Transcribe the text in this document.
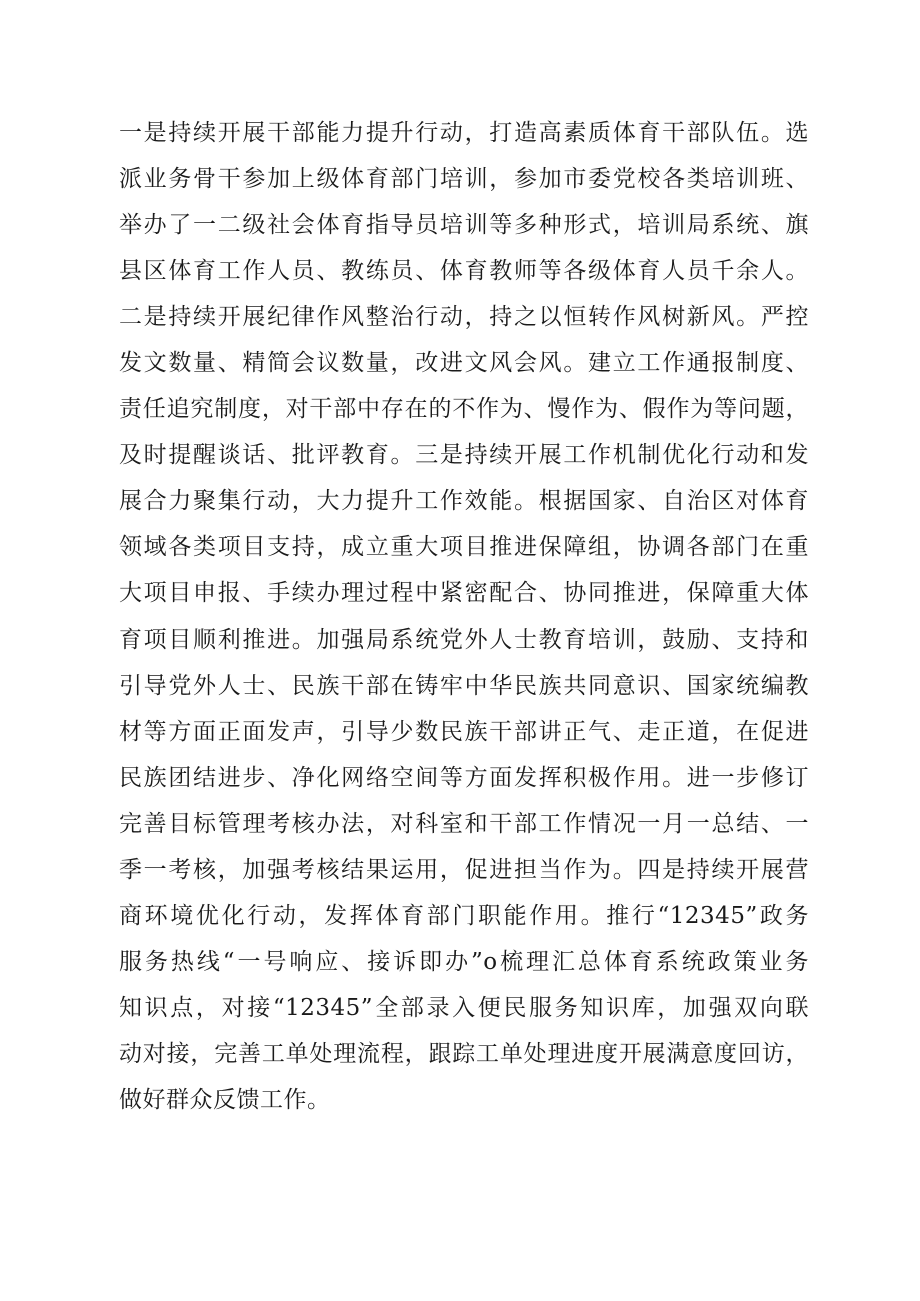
一是持续开展干部能力提升行动，打造高素质体育干部队伍。选
派业务骨干参加上级体育部门培训，参加市委党校各类培训班、
举办了一二级社会体育指导员培训等多种形式，培训局系统、旗
县区体育工作人员、教练员、体育教师等各级体育人员千余人。
二是持续开展纪律作风整治行动，持之以恒转作风树新风。严控
发文数量、精简会议数量，改进文风会风。建立工作通报制度、
责任追究制度，对干部中存在的不作为、慢作为、假作为等问题，
及时提醒谈话、批评教育。三是持续开展工作机制优化行动和发
展合力聚集行动，大力提升工作效能。根据国家、自治区对体育
领域各类项目支持，成立重大项目推进保障组，协调各部门在重
大项目申报、手续办理过程中紧密配合、协同推进，保障重大体
育项目顺利推进。加强局系统党外人士教育培训，鼓励、支持和
引导党外人士、民族干部在铸牢中华民族共同意识、国家统编教
材等方面正面发声，引导少数民族干部讲正气、走正道，在促进
民族团结进步、净化网络空间等方面发挥积极作用。进一步修订
完善目标管理考核办法，对科室和干部工作情况一月一总结、一
季一考核，加强考核结果运用，促进担当作为。四是持续开展营
商环境优化行动，发挥体育部门职能作用。推行“12345”政务
服务热线“一号响应、接诉即办”o梳理汇总体育系统政策业务
知识点，对接“12345”全部录入便民服务知识库，加强双向联
动对接，完善工单处理流程，跟踪工单处理进度开展满意度回访，
做好群众反馈工作。
